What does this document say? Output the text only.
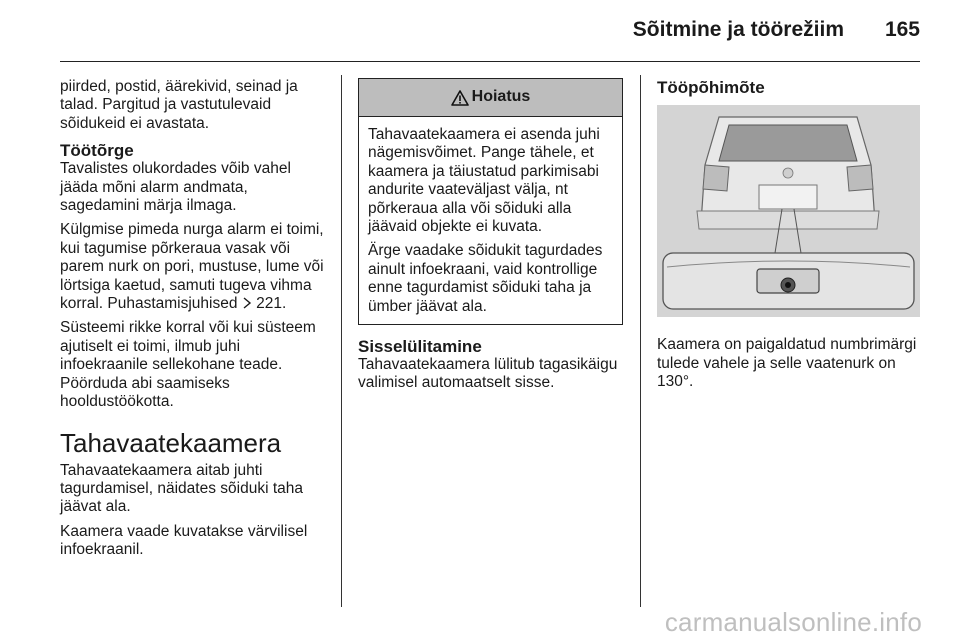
Sõitmine ja töörežiim 165

piirded, postid, äärekivid, seinad ja talad. Pargitud ja vastutulevaid sõidukeid ei avastata.

Töötõrge

Tavalistes olukordades võib vahel jääda mõni alarm andmata, sagedamini märja ilmaga.

Külgmise pimeda nurga alarm ei toimi, kui tagumise põrkeraua vasak või parem nurk on pori, mustuse, lume või lörtsiga kaetud, samuti tugeva vihma korral. Puhastamisjuhised 221.

Süsteemi rikke korral või kui süsteem ajutiselt ei toimi, ilmub juhi infoekraanile sellekohane teade. Pöörduda abi saamiseks hooldustöökotta.

Tahavaatekaamera

Tahavaatekaamera aitab juhti tagurdamisel, näidates sõiduki taha jäävat ala.

Kaamera vaade kuvatakse värvilisel infoekraanil.

Hoiatus

Tahavaatekaamera ei asenda juhi nägemisvõimet. Pange tähele, et kaamera ja täiustatud parkimisabi andurite vaateväljast välja, nt põrkeraua alla või sõiduki alla jäävaid objekte ei kuvata.

Ärge vaadake sõidukit tagurdades ainult infoekraani, vaid kontrollige enne tagurdamist sõiduki taha ja ümber jäävat ala.

Sisselülitamine

Tahavaatekaamera lülitub tagasikäigu valimisel automaatselt sisse.

Tööpõhimõte

Kaamera on paigaldatud numbrimärgi tulede vahele ja selle vaatenurk on 130°.

carmanualsonline.info
